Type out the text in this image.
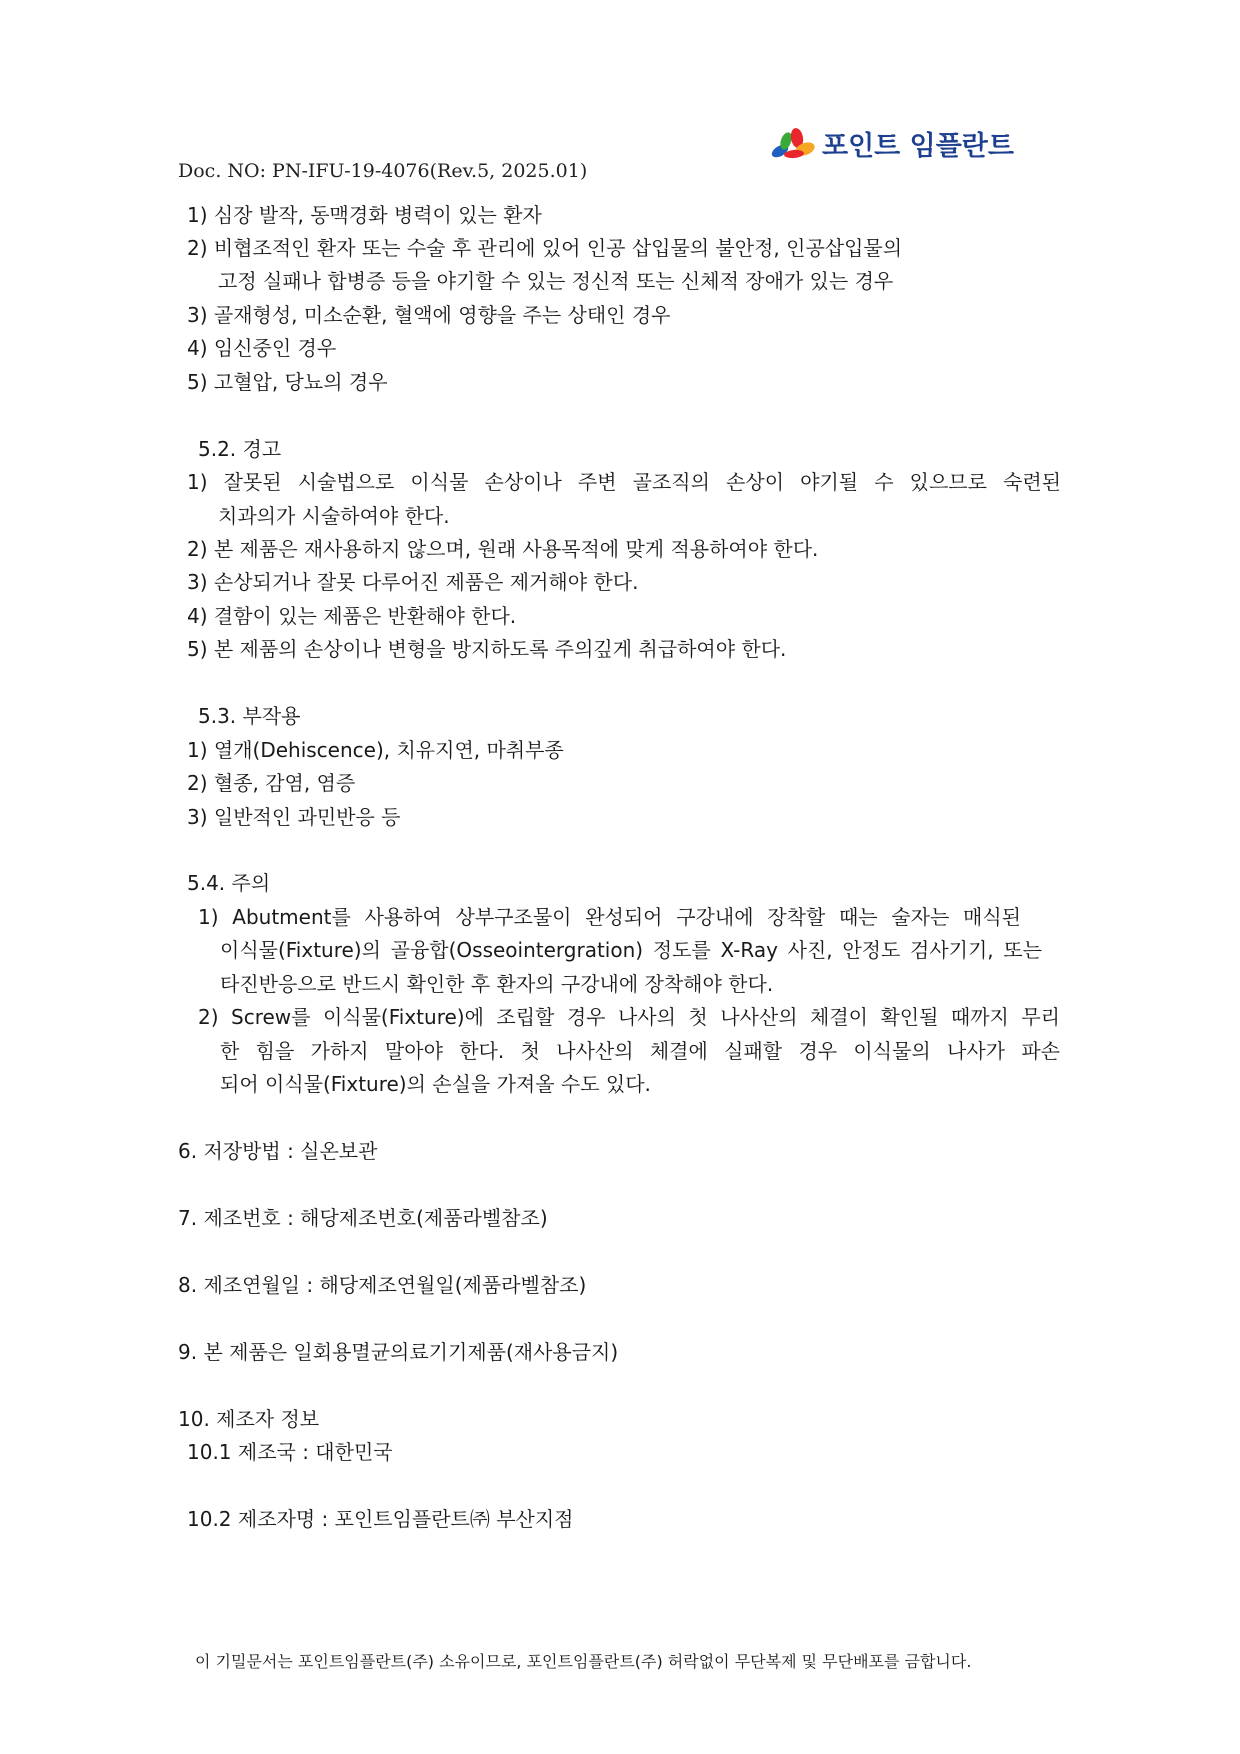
포인트 임플란트
Doc. NO: PN-IFU-19-4076(Rev.5, 2025.01)
1) 심장 발작, 동맥경화 병력이 있는 환자
2) 비협조적인 환자 또는 수술 후 관리에 있어 인공 삽입물의 불안정, 인공삽입물의
고정 실패나 합병증 등을 야기할 수 있는 정신적 또는 신체적 장애가 있는 경우
3) 골재형성, 미소순환, 혈액에 영향을 주는 상태인 경우
4) 임신중인 경우
5) 고혈압, 당뇨의 경우
5.2. 경고
1) 잘못된 시술법으로 이식물 손상이나 주변 골조직의 손상이 야기될 수 있으므로 숙련된
치과의가 시술하여야 한다.
2) 본 제품은 재사용하지 않으며, 원래 사용목적에 맞게 적용하여야 한다.
3) 손상되거나 잘못 다루어진 제품은 제거해야 한다.
4) 결함이 있는 제품은 반환해야 한다.
5) 본 제품의 손상이나 변형을 방지하도록 주의깊게 취급하여야 한다.
5.3. 부작용
1) 열개(Dehiscence), 치유지연, 마취부종
2) 혈종, 감염, 염증
3) 일반적인 과민반응 등
5.4. 주의
1) Abutment를 사용하여 상부구조물이 완성되어 구강내에 장착할 때는 술자는 매식된
이식물(Fixture)의 골융합(Osseointergration) 정도를 X-Ray 사진, 안정도 검사기기, 또는
타진반응으로 반드시 확인한 후 환자의 구강내에 장착해야 한다.
2) Screw를 이식물(Fixture)에 조립할 경우 나사의 첫 나사산의 체결이 확인될 때까지 무리
한 힘을 가하지 말아야 한다. 첫 나사산의 체결에 실패할 경우 이식물의 나사가 파손
되어 이식물(Fixture)의 손실을 가져올 수도 있다.
6. 저장방법 : 실온보관
7. 제조번호 : 해당제조번호(제품라벨참조)
8. 제조연월일 : 해당제조연월일(제품라벨참조)
9. 본 제품은 일회용멸균의료기기제품(재사용금지)
10. 제조자 정보
10.1 제조국 : 대한민국
10.2 제조자명 : 포인트임플란트㈜ 부산지점
이 기밀문서는 포인트임플란트(주) 소유이므로, 포인트임플란트(주) 허락없이 무단복제 및 무단배포를 금합니다.
